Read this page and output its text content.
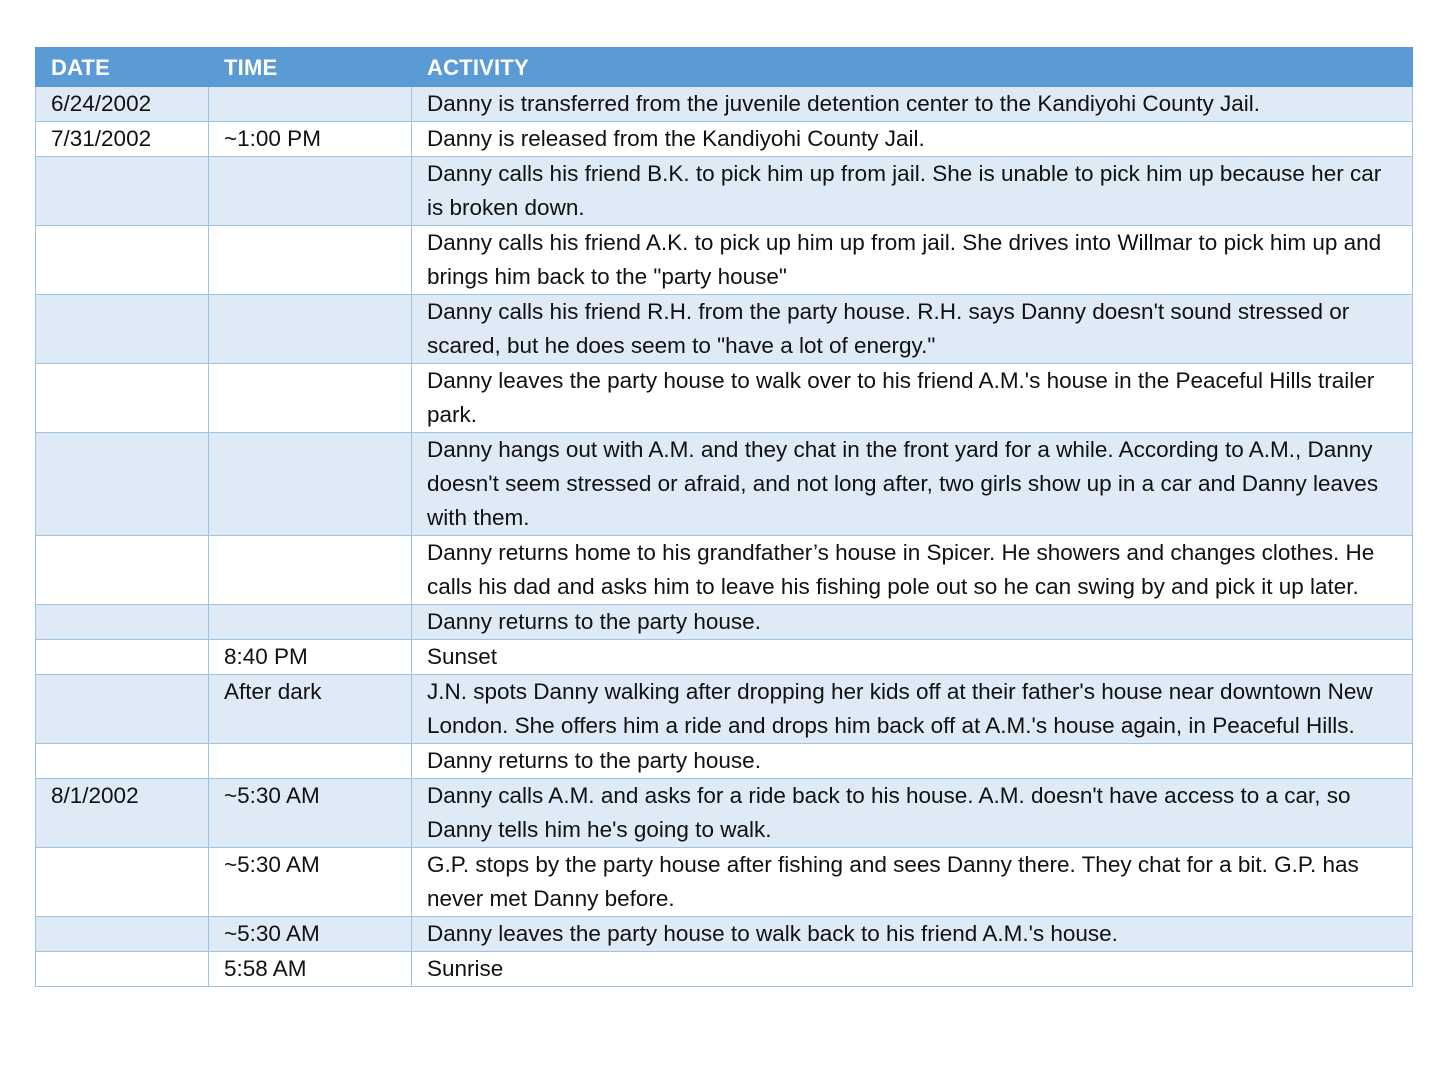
DATE	TIME	ACTIVITY
6/24/2002		Danny is transferred from the juvenile detention center to the Kandiyohi County Jail.
7/31/2002	~1:00 PM	Danny is released from the Kandiyohi County Jail.
		Danny calls his friend B.K. to pick him up from jail. She is unable to pick him up because her car is broken down.
		Danny calls his friend A.K. to pick up him up from jail. She drives into Willmar to pick him up and brings him back to the "party house"
		Danny calls his friend R.H. from the party house. R.H. says Danny doesn't sound stressed or scared, but he does seem to "have a lot of energy."
		Danny leaves the party house to walk over to his friend A.M.'s house in the Peaceful Hills trailer park.
		Danny hangs out with A.M. and they chat in the front yard for a while. According to A.M., Danny doesn't seem stressed or afraid, and not long after, two girls show up in a car and Danny leaves with them.
		Danny returns home to his grandfather’s house in Spicer. He showers and changes clothes. He calls his dad and asks him to leave his fishing pole out so he can swing by and pick it up later.
		Danny returns to the party house.
	8:40 PM	Sunset
	After dark	J.N. spots Danny walking after dropping her kids off at their father's house near downtown New London. She offers him a ride and drops him back off at A.M.'s house again, in Peaceful Hills.
		Danny returns to the party house.
8/1/2002	~5:30 AM	Danny calls A.M. and asks for a ride back to his house. A.M. doesn't have access to a car, so Danny tells him he's going to walk.
	~5:30 AM	G.P. stops by the party house after fishing and sees Danny there. They chat for a bit. G.P. has never met Danny before.
	~5:30 AM	Danny leaves the party house to walk back to his friend A.M.'s house.
	5:58 AM	Sunrise
